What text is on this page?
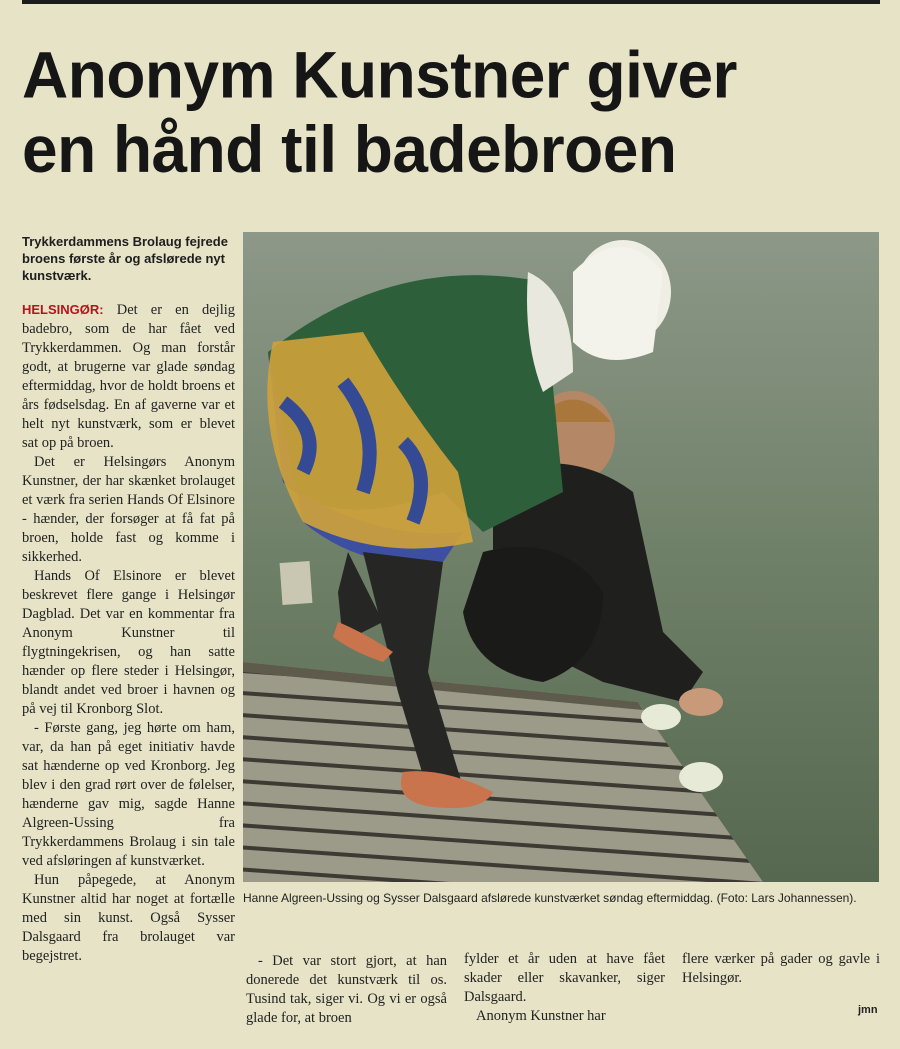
Anonym Kunstner giver
en hånd til badebroen
Trykkerdammens Brolaug fejrede broens første år og afslørede nyt kunstværk.

HELSINGØR: Det er en dejlig badebro, som de har fået ved Trykkerdammen. Og man forstår godt, at brugerne var glade søndag eftermiddag, hvor de holdt broens et års fødselsdag. En af gaverne var et helt nyt kunstværk, som er blevet sat op på broen.

Det er Helsingørs Anonym Kunstner, der har skænket brolauget et værk fra serien Hands Of Elsinore - hænder, der forsøger at få fat på broen, holde fast og komme i sikkerhed.

Hands Of Elsinore er blevet beskrevet flere gange i Helsingør Dagblad. Det var en kommentar fra Anonym Kunstner til flygtningekrisen, og han satte hænder op flere steder i Helsingør, blandt andet ved broer i havnen og på vej til Kronborg Slot.

- Første gang, jeg hørte om ham, var, da han på eget initiativ havde sat hænderne op ved Kronborg. Jeg blev i den grad rørt over de følelser, hænderne gav mig, sagde Hanne Algreen-Ussing fra Trykkerdammens Brolaug i sin tale ved afsløringen af kunstværket.

Hun påpegede, at Anonym Kunstner altid har noget at fortælle med sin kunst. Også Sysser Dalsgaard fra brolauget var begejstret.

Hanne Algreen-Ussing og Sysser Dalsgaard afslørede kunstværket søndag eftermiddag. (Foto: Lars Johannessen).

- Det var stort gjort, at han donerede det kunstværk til os. Tusind tak, siger vi. Og vi er også glade for, at broen

fylder et år uden at have fået skader eller skavanker, siger Dalsgaard.

Anonym Kunstner har

flere værker på gader og gavle i Helsingør.

jmn
